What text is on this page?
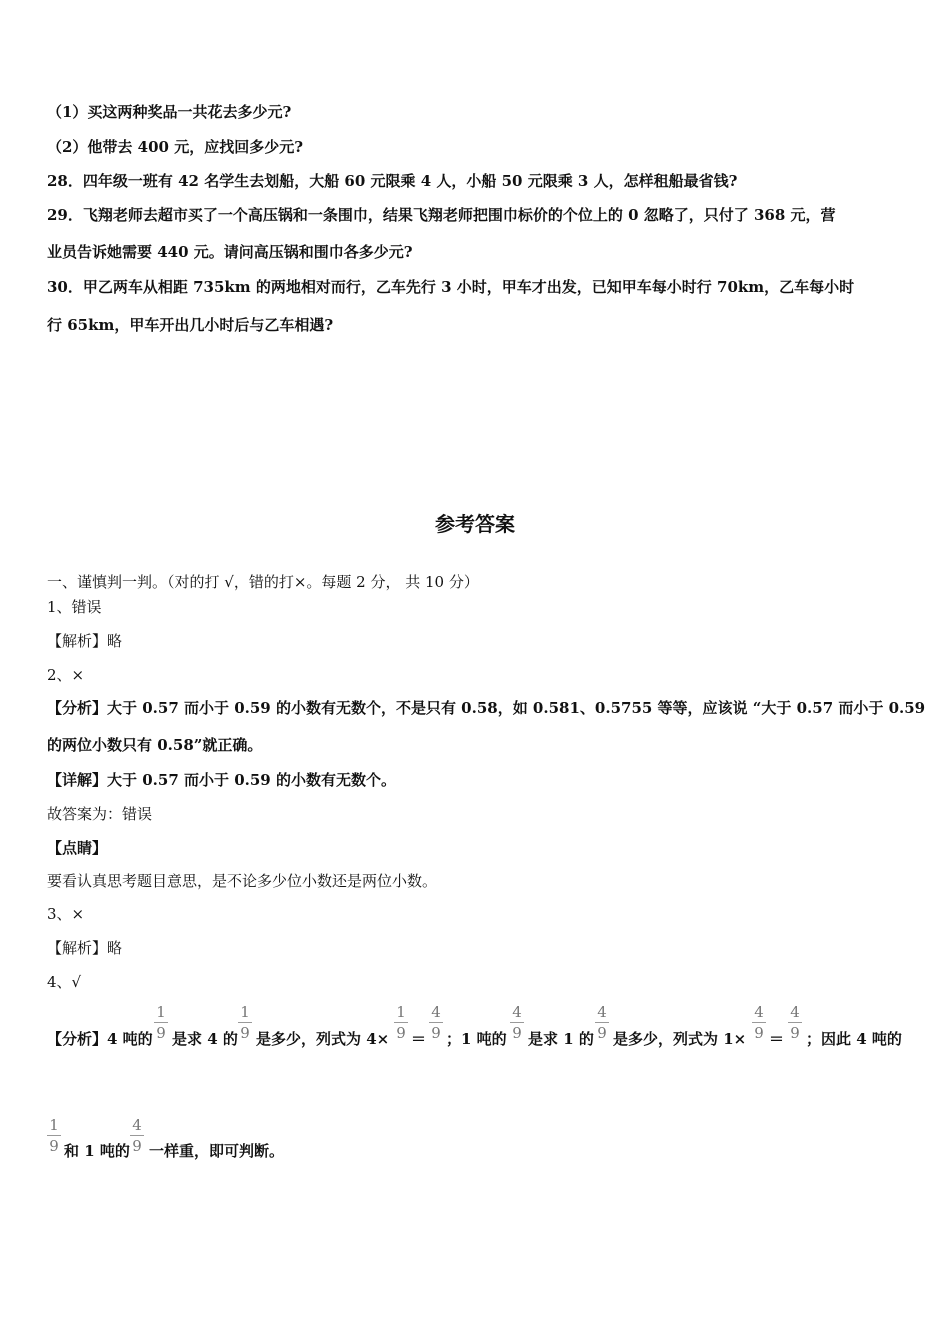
（1）买这两种奖品一共花去多少元?
（2）他带去 400 元，应找回多少元?
28．四年级一班有 42 名学生去划船，大船 60 元限乘 4 人，小船 50 元限乘 3 人，怎样租船最省钱?
29．飞翔老师去超市买了一个高压锅和一条围巾，结果飞翔老师把围巾标价的个位上的 0 忽略了，只付了 368 元，营
业员告诉她需要 440 元。请问高压锅和围巾各多少元?
30．甲乙两车从相距 735km 的两地相对而行，乙车先行 3 小时，甲车才出发，已知甲车每小时行 70km，乙车每小时
行 65km，甲车开出几小时后与乙车相遇?
参考答案
一、谨慎判一判。（对的打 √，错的打×。每题 2 分， 共 10 分）
1、错误
【解析】略
2、×
【分析】大于 0.57 而小于 0.59 的小数有无数个，不是只有 0.58，如 0.581、0.5755 等等，应该说 “大于 0.57 而小于 0.59
的两位小数只有 0.58”就正确。
【详解】大于 0.57 而小于 0.59 的小数有无数个。
故答案为：错误
【点睛】
要看认真思考题目意思，是不论多少位小数还是两位小数。
3、×
【解析】略
4、√
【分析】4 吨的
1
9 是求 4 的
1
9 是多少，列式为 4×
1
9 ＝
4
9 ；1 吨的
4
9 是求 1 的
4
9 是多少，列式为 1×
4
9 ＝
4
9 ；因此 4 吨的
1
9 和 1 吨的
4
9 一样重，即可判断。
